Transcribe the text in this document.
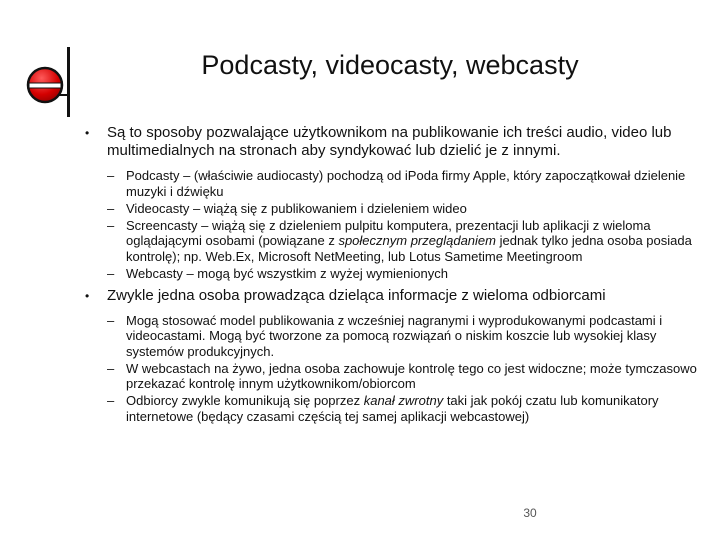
Podcasty, videocasty, webcasty
• Są to sposoby pozwalające użytkownikom na publikowanie ich treści audio, video lub multimedialnych na stronach aby syndykować lub dzielić je z innymi.
– Podcasty – (właściwie audiocasty) pochodzą od iPoda firmy Apple, który zapoczątkował dzielenie muzyki i dźwięku
– Videocasty – wiążą się z publikowaniem i dzieleniem wideo
– Screencasty – wiążą się z dzieleniem pulpitu komputera, prezentacji lub aplikacji z wieloma oglądającymi osobami (powiązane z społecznym przeglądaniem jednak tylko jedna osoba posiada kontrolę); np. Web.Ex, Microsoft NetMeeting, lub Lotus Sametime Meetingroom
– Webcasty – mogą być wszystkim z wyżej wymienionych
• Zwykle jedna osoba prowadząca dzieląca informacje z wieloma odbiorcami
– Mogą stosować model publikowania z wcześniej nagranymi i wyprodukowanymi podcastami i videocastami. Mogą być tworzone za pomocą rozwiązań o niskim koszcie lub wysokiej klasy systemów produkcyjnych.
– W webcastach na żywo, jedna osoba zachowuje kontrolę tego co jest widoczne; może tymczasowo przekazać kontrolę innym użytkownikom/obiorcom
– Odbiorcy zwykle komunikują się poprzez kanał zwrotny taki jak pokój czatu lub komunikatory internetowe (będący czasami częścią tej samej aplikacji webcastowej)
30
